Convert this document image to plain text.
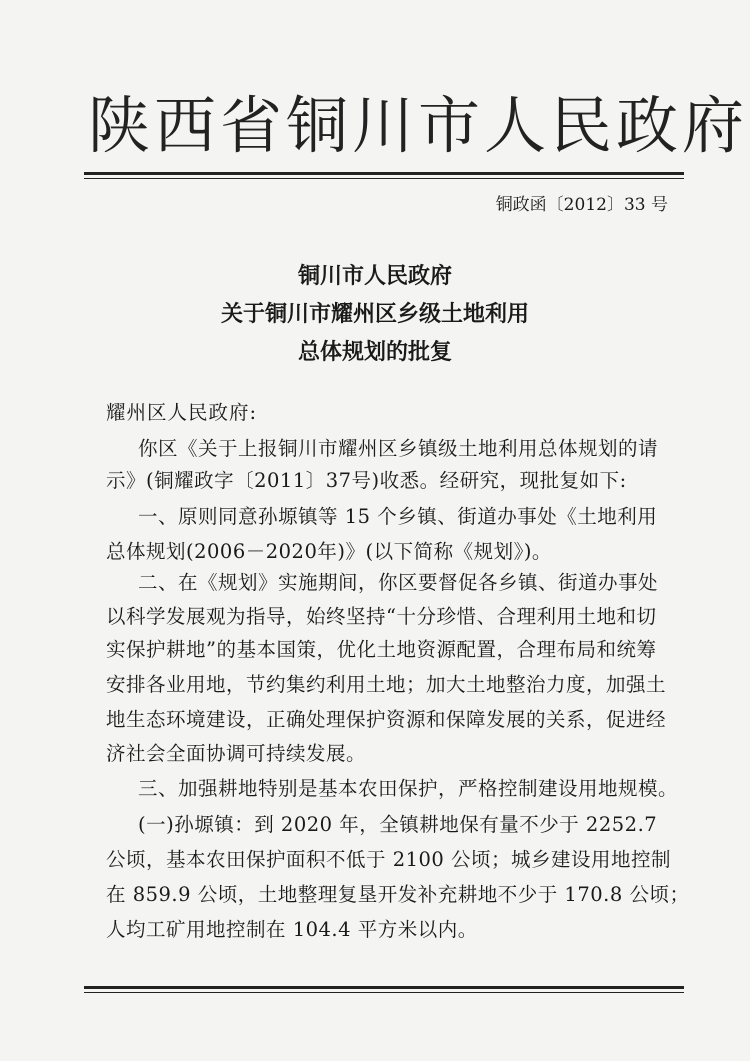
陕西省铜川市人民政府
铜政函〔2012〕33 号
铜川市人民政府
关于铜川市耀州区乡级土地利用
总体规划的批复
耀州区人民政府:
你区《关于上报铜川市耀州区乡镇级土地利用总体规划的请
示》(铜耀政字〔2011〕37号)收悉。经研究，现批复如下:
一、原则同意孙塬镇等 15 个乡镇、街道办事处《土地利用
总体规划(2006－2020年)》(以下简称《规划》)。
二、在《规划》实施期间，你区要督促各乡镇、街道办事处
以科学发展观为指导，始终坚持“十分珍惜、合理利用土地和切
实保护耕地”的基本国策，优化土地资源配置，合理布局和统筹
安排各业用地，节约集约利用土地；加大土地整治力度，加强土
地生态环境建设，正确处理保护资源和保障发展的关系，促进经
济社会全面协调可持续发展。
三、加强耕地特别是基本农田保护，严格控制建设用地规模。
(一)孙塬镇：到 2020 年，全镇耕地保有量不少于 2252.7
公顷，基本农田保护面积不低于 2100 公顷；城乡建设用地控制
在 859.9 公顷，土地整理复垦开发补充耕地不少于 170.8 公顷；
人均工矿用地控制在 104.4 平方米以内。
